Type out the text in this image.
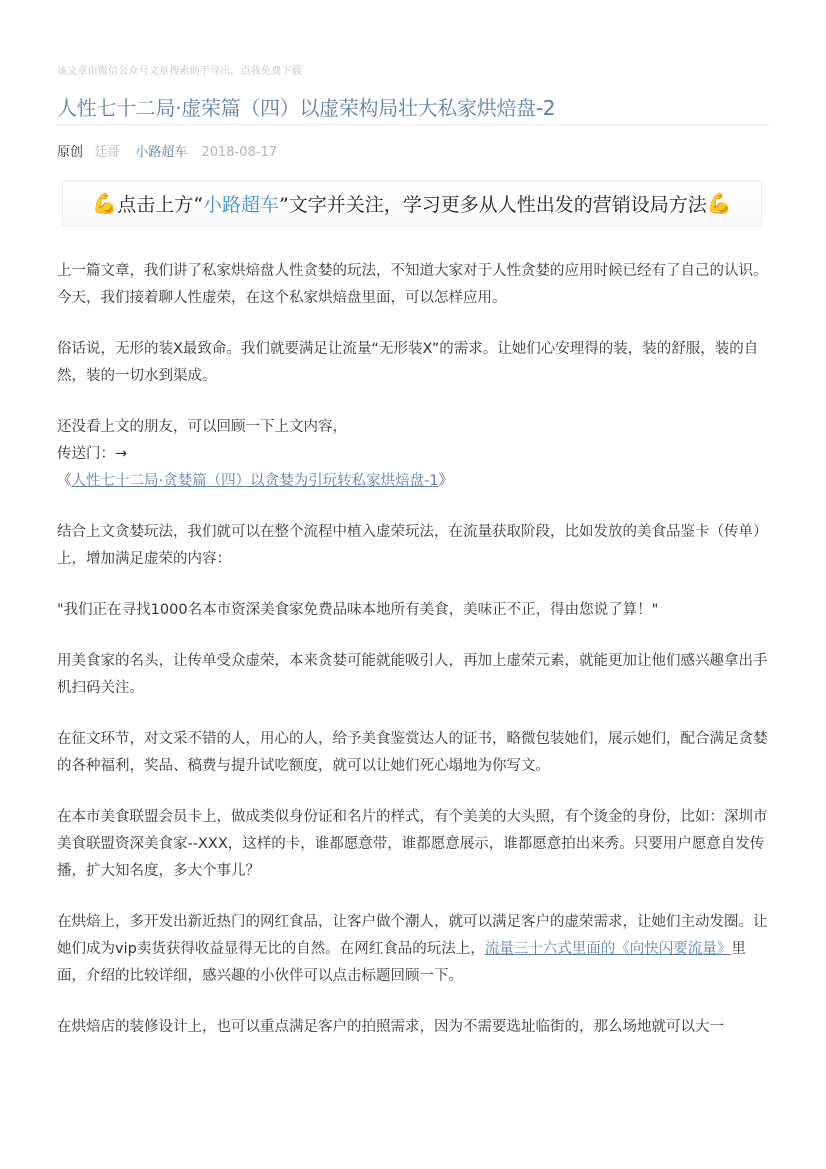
该文章由微信公众号文章搜索助手导出，点我免费下载
人性七十二局·虚荣篇（四）以虚荣构局壮大私家烘焙盘-2
原创 廷哥 小路超车 2018-08-17
💪 点击上方“ 小路超车 ”文字并关注，学习更多从人性出发的营销设局方法 💪

上一篇文章，我们讲了私家烘焙盘人性贪婪的玩法，不知道大家对于人性贪婪的应用时候已经有了自己的认识。今天，我们接着聊人性虚荣，在这个私家烘焙盘里面，可以怎样应用。

俗话说，无形的装X最致命。我们就要满足让流量“无形装X”的需求。让她们心安理得的装，装的舒服，装的自然，装的一切水到渠成。

还没看上文的朋友，可以回顾一下上文内容，

传送门：→

《人性七十二局·贪婪篇（四）以贪婪为引玩转私家烘焙盘-1》

结合上文贪婪玩法，我们就可以在整个流程中植入虚荣玩法，在流量获取阶段，比如发放的美食品鉴卡（传单）上，增加满足虚荣的内容：

"我们正在寻找1000名本市资深美食家免费品味本地所有美食，美味正不正，得由您说了算！"

用美食家的名头，让传单受众虚荣，本来贪婪可能就能吸引人，再加上虚荣元素，就能更加让他们感兴趣拿出手机扫码关注。

在征文环节，对文采不错的人，用心的人，给予美食鉴赏达人的证书，略微包装她们，展示她们，配合满足贪婪的各种福利，奖品、稿费与提升试吃额度，就可以让她们死心塌地为你写文。

在本市美食联盟会员卡上，做成类似身份证和名片的样式，有个美美的大头照，有个烫金的身份，比如：深圳市美食联盟资深美食家--XXX，这样的卡，谁都愿意带，谁都愿意展示，谁都愿意拍出来秀。只要用户愿意自发传播，扩大知名度，多大个事儿？

在烘焙上，多开发出新近热门的网红食品，让客户做个潮人，就可以满足客户的虚荣需求，让她们主动发圈。让她们成为vip卖货获得收益显得无比的自然。在网红食品的玩法上，流量三十六式里面的《向快闪要流量》里面，介绍的比较详细，感兴趣的小伙伴可以点击标题回顾一下。

在烘焙店的装修设计上，也可以重点满足客户的拍照需求，因为不需要选址临街的，那么场地就可以大一
